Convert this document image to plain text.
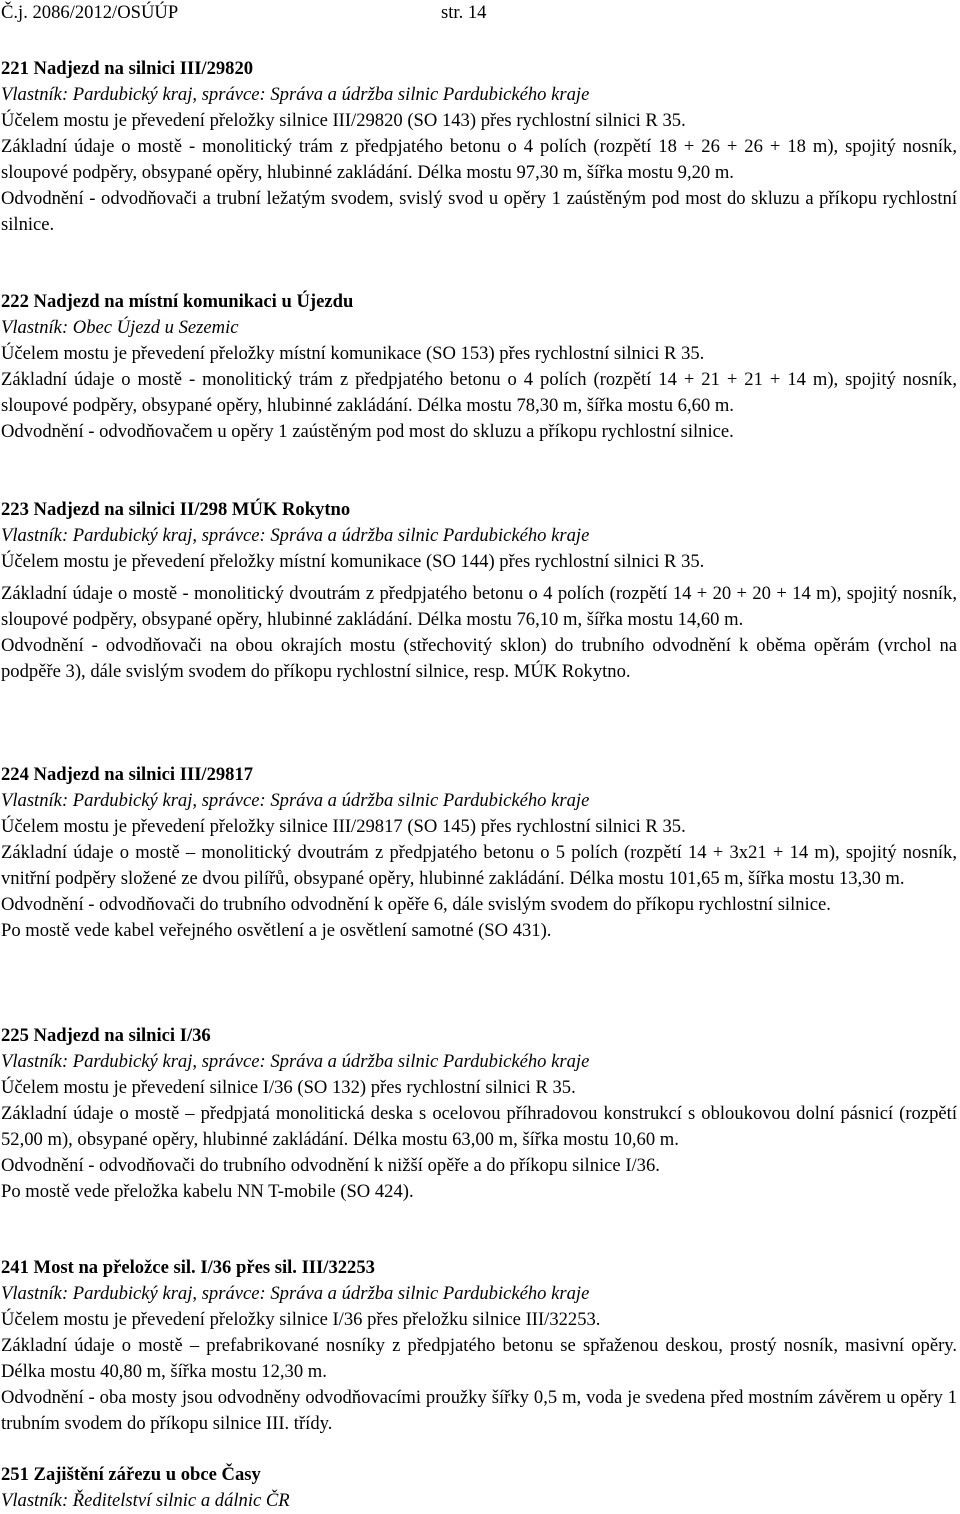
Č.j. 2086/2012/OSÚÚP	str. 14
221 Nadjezd na silnici III/29820
Vlastník: Pardubický kraj, správce: Správa a údržba silnic Pardubického kraje
Účelem mostu je převedení přeložky silnice III/29820 (SO 143) přes rychlostní silnici R 35.
Základní údaje o mostě - monolitický trám z předpjatého betonu o 4 polích (rozpětí 18 + 26 + 26 + 18 m), spojitý nosník, sloupové podpěry, obsypané opěry, hlubinné zakládání. Délka mostu 97,30 m, šířka mostu 9,20 m.
Odvodnění - odvodňovači a trubní ležatým svodem, svislý svod u opěry 1 zaústěným pod most do skluzu a příkopu rychlostní silnice.
222 Nadjezd na místní komunikaci u Újezdu
Vlastník: Obec Újezd u Sezemic
Účelem mostu je převedení přeložky místní komunikace (SO 153) přes rychlostní silnici R 35.
Základní údaje o mostě - monolitický trám z předpjatého betonu o 4 polích (rozpětí 14 + 21 + 21 + 14 m), spojitý nosník, sloupové podpěry, obsypané opěry, hlubinné zakládání. Délka mostu 78,30 m, šířka mostu 6,60 m.
Odvodnění - odvodňovačem u opěry 1 zaústěným pod most do skluzu a příkopu rychlostní silnice.
223 Nadjezd na silnici II/298 MÚK Rokytno
Vlastník: Pardubický kraj, správce: Správa a údržba silnic Pardubického kraje
Účelem mostu je převedení přeložky místní komunikace (SO 144) přes rychlostní silnici R 35.
Základní údaje o mostě - monolitický dvoutrám z předpjatého betonu o 4 polích (rozpětí 14 + 20 + 20 + 14 m), spojitý nosník, sloupové podpěry, obsypané opěry, hlubinné zakládání. Délka mostu 76,10 m, šířka mostu 14,60 m.
Odvodnění - odvodňovači na obou okrajích mostu (střechovitý sklon) do trubního odvodnění k oběma opěrám (vrchol na podpěře 3), dále svislým svodem do příkopu rychlostní silnice, resp. MÚK Rokytno.
224 Nadjezd na silnici III/29817
Vlastník: Pardubický kraj, správce: Správa a údržba silnic Pardubického kraje
Účelem mostu je převedení přeložky silnice III/29817 (SO 145) přes rychlostní silnici R 35.
Základní údaje o mostě – monolitický dvoutrám z předpjatého betonu o 5 polích (rozpětí 14 + 3x21 + 14 m), spojitý nosník, vnitřní podpěry složené ze dvou pilířů, obsypané opěry, hlubinné zakládání. Délka mostu 101,65 m, šířka mostu 13,30 m.
Odvodnění - odvodňovači do trubního odvodnění k opěře 6, dále svislým svodem do příkopu rychlostní silnice.
Po mostě vede kabel veřejného osvětlení a je osvětlení samotné (SO 431).
225 Nadjezd na silnici I/36
Vlastník: Pardubický kraj, správce: Správa a údržba silnic Pardubického kraje
Účelem mostu je převedení silnice I/36 (SO 132) přes rychlostní silnici R 35.
Základní údaje o mostě – předpjatá monolitická deska s ocelovou příhradovou konstrukcí s obloukovou dolní pásnicí (rozpětí 52,00 m), obsypané opěry, hlubinné zakládání. Délka mostu 63,00 m, šířka mostu 10,60 m.
Odvodnění - odvodňovači do trubního odvodnění k nižší opěře a do příkopu silnice I/36.
Po mostě vede přeložka kabelu NN T-mobile (SO 424).
241 Most na přeložce sil. I/36 přes sil. III/32253
Vlastník: Pardubický kraj, správce: Správa a údržba silnic Pardubického kraje
Účelem mostu je převedení přeložky silnice I/36 přes přeložku silnice III/32253.
Základní údaje o mostě – prefabrikované nosníky z předpjatého betonu se spřaženou deskou, prostý nosník, masivní opěry. Délka mostu 40,80 m, šířka mostu 12,30 m.
Odvodnění - oba mosty jsou odvodněny odvodňovacími proužky šířky 0,5 m, voda je svedena před mostním závěrem u opěry 1 trubním svodem do příkopu silnice III. třídy.
251 Zajištění zářezu u obce Časy
Vlastník: Ředitelství silnic a dálnic ČR
